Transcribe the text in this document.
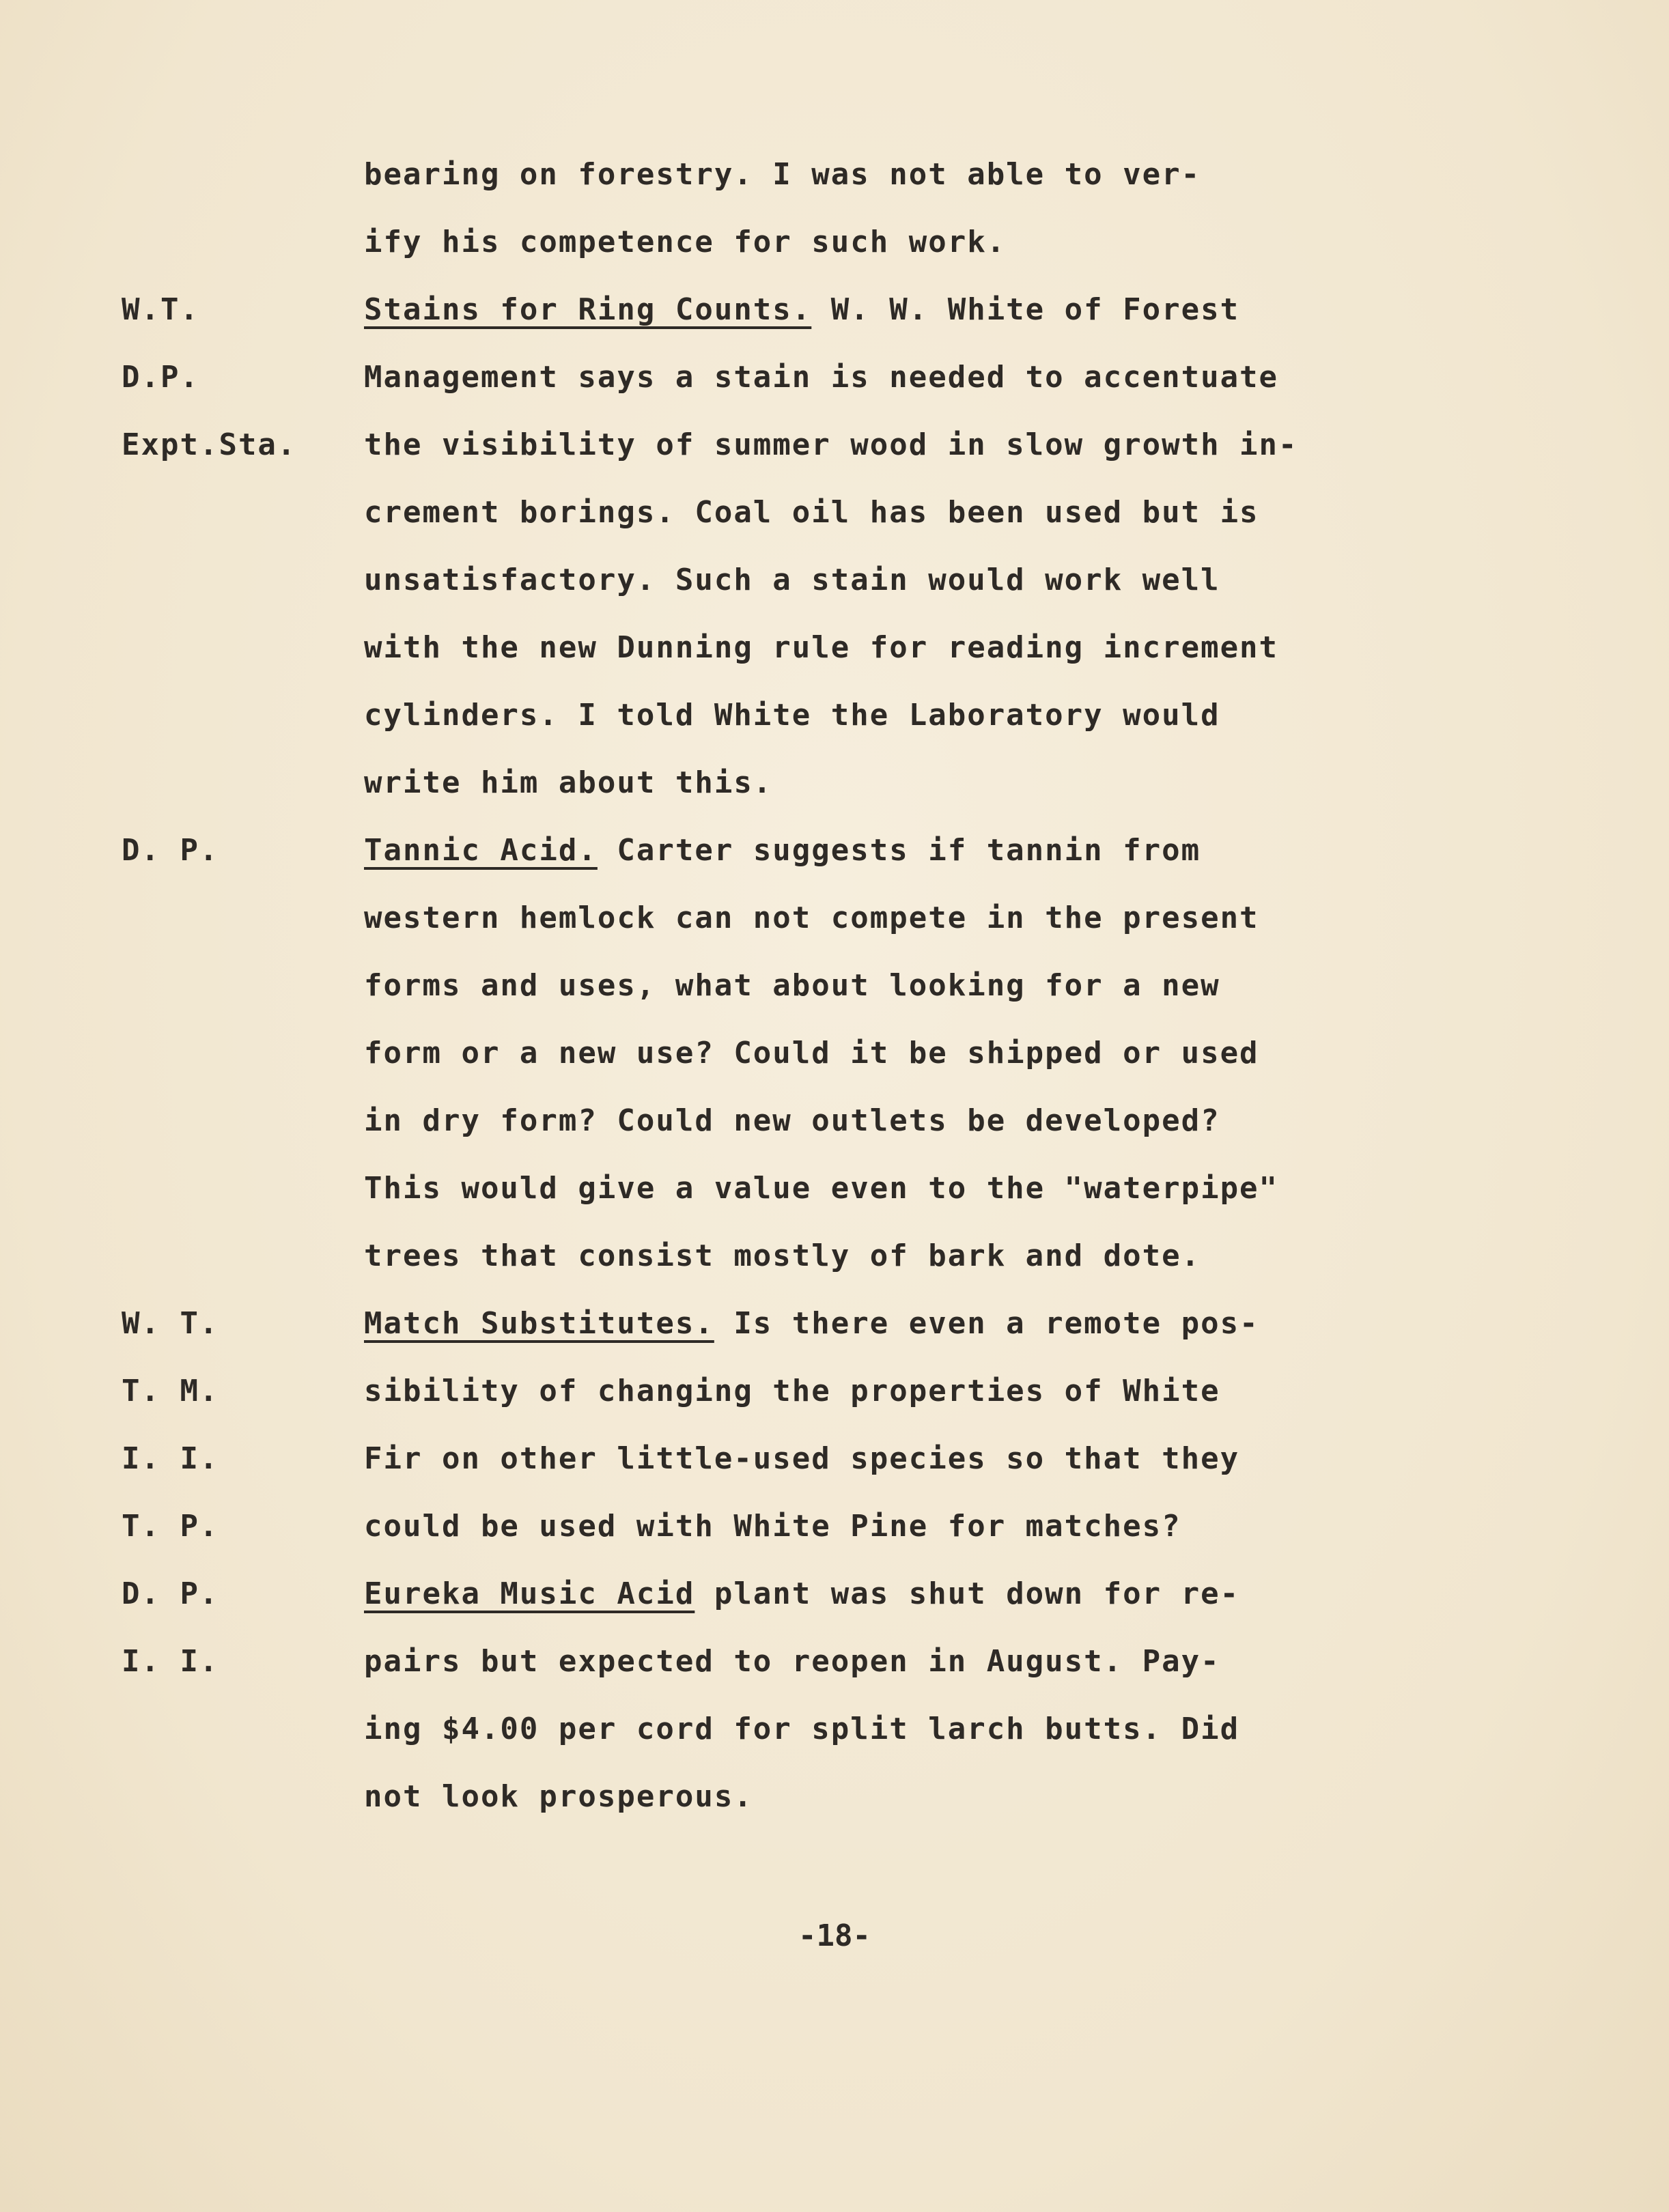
bearing on forestry. I was not able to ver-
ify his competence for such work.
W.T.	Stains for Ring Counts. W. W. White of Forest
D.P.	Management says a stain is needed to accentuate
Expt.Sta. the visibility of summer wood in slow growth in-
crement borings. Coal oil has been used but is
unsatisfactory. Such a stain would work well
with the new Dunning rule for reading increment
cylinders. I told White the Laboratory would
write him about this.
D. P.	Tannic Acid. Carter suggests if tannin from
western hemlock can not compete in the present
forms and uses, what about looking for a new
form or a new use? Could it be shipped or used
in dry form? Could new outlets be developed?
This would give a value even to the "waterpipe"
trees that consist mostly of bark and dote.
W. T.	Match Substitutes. Is there even a remote pos-
T. M.	sibility of changing the properties of White
I. I.	Fir on other little-used species so that they
T. P.	could be used with White Pine for matches?
D. P.	Eureka Music Acid plant was shut down for re-
I. I.	pairs but expected to reopen in August. Pay-
ing $4.00 per cord for split larch butts. Did
not look prosperous.
-18-
